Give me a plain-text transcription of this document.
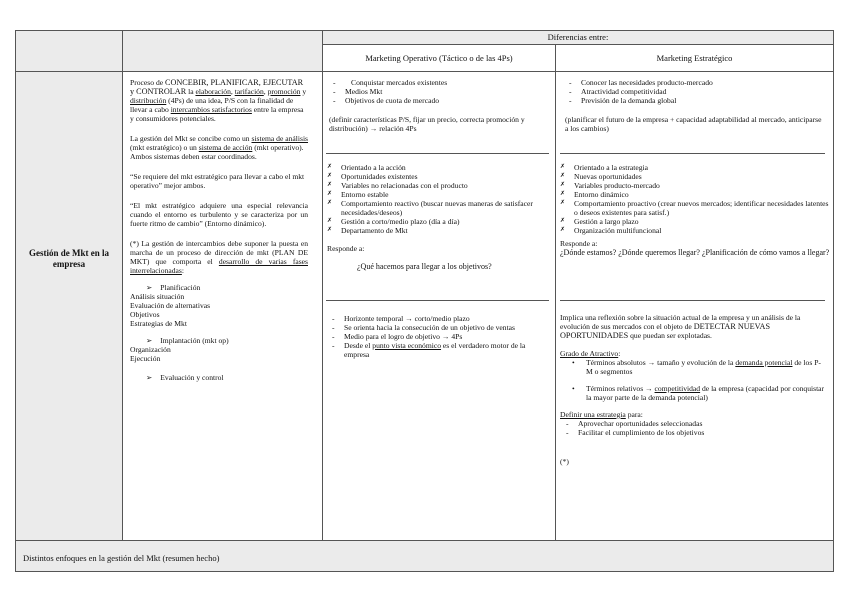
Diferencias entre:
Marketing Operativo (Táctico o de las 4Ps)	Marketing Estratégico
Gestión de Mkt en la empresa

Proceso de CONCEBIR, PLANIFICAR, EJECUTAR y CONTROLAR la elaboración, tarifación, promoción y distribución (4Ps) de una idea, P/S con la finalidad de llevar a cabo intercambios satisfactorios entre la empresa y consumidores potenciales.

La gestión del Mkt se concibe como un sistema de análisis (mkt estratégico) o un sistema de acción (mkt operativo). Ambos sistemas deben estar coordinados.

“Se requiere del mkt estratégico para llevar a cabo el mkt operativo” mejor ambos.

“El mkt estratégico adquiere una especial relevancia cuando el entorno es turbulento y se caracteriza por un fuerte ritmo de cambio” (Entorno dinámico).

(*) La gestión de intercambios debe suponer la puesta en marcha de un proceso de dirección de mkt (PLAN DE MKT) que comporta el desarrollo de varias fases interrelacionadas:

➢ Planificación
Análisis situación
Evaluación de alternativas
Objetivos
Estrategias de Mkt
➢ Implantación (mkt op)
Organización
Ejecución
➢ Evaluación y control
- Conquistar mercados existentes
- Medios Mkt
- Objetivos de cuota de mercado

(definir características P/S, fijar un precio, correcta promoción y distribución) → relación 4Ps

✗ Orientado a la acción
✗ Oportunidades existentes
✗ Variables no relacionadas con el producto
✗ Entorno estable
✗ Comportamiento reactivo (buscar nuevas maneras de satisfacer necesidades/deseos)
✗ Gestión a corto/medio plazo (día a día)
✗ Departamento de Mkt
Responde a:
¿Qué hacemos para llegar a los objetivos?
- Horizonte temporal → corto/medio plazo
- Se orienta hacia la consecución de un objetivo de ventas
- Medio para el logro de objetivo → 4Ps
- Desde el punto vista económico es el verdadero motor de la empresa
- Conocer las necesidades producto-mercado
- Atractividad competitividad
- Previsión de la demanda global

(planificar el futuro de la empresa + capacidad adaptabilidad al mercado, anticiparse a los cambios)

✗ Orientado a la estrategia
✗ Nuevas oportunidades
✗ Variables producto-mercado
✗ Entorno dinámico
✗ Comportamiento proactivo (crear nuevos mercados; identificar necesidades latentes o deseos existentes para satisf.)
✗ Gestión a largo plazo
✗ Organización multifuncional
Responde a:
¿Dónde estamos? ¿Dónde queremos llegar? ¿Planificación de cómo vamos a llegar?

Implica una reflexión sobre la situación actual de la empresa y un análisis de la evolución de sus mercados con el objeto de DETECTAR NUEVAS OPORTUNIDADES que puedan ser explotadas.

Grado de Atractivo:
• Términos absolutos → tamaño y evolución de la demanda potencial de los P-M o segmentos
• Términos relativos → competitividad de la empresa (capacidad por conquistar la mayor parte de la demanda potencial)
Definir una estrategia para:
- Aprovechar oportunidades seleccionadas
- Facilitar el cumplimiento de los objetivos
(*)
Distintos enfoques en la gestión del Mkt (resumen hecho)
